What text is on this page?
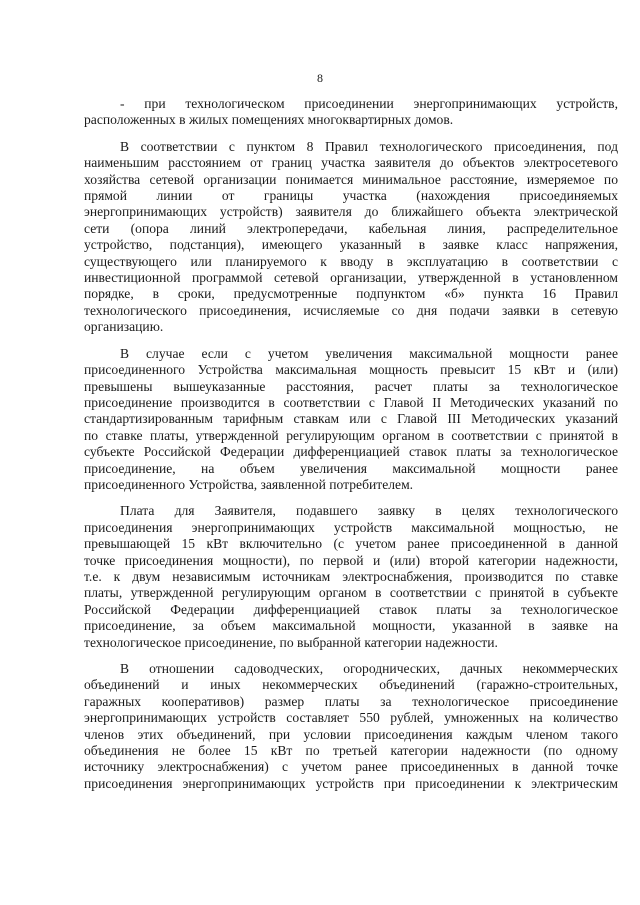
8
- при технологическом присоединении энергопринимающих устройств,
расположенных в жилых помещениях многоквартирных домов.
В соответствии с пунктом 8 Правил технологического присоединения, под
наименьшим расстоянием от границ участка заявителя до объектов электросетевого
хозяйства сетевой организации понимается минимальное расстояние, измеряемое по
прямой линии от границы участка (нахождения присоединяемых
энергопринимающих устройств) заявителя до ближайшего объекта электрической
сети (опора линий электропередачи, кабельная линия, распределительное
устройство, подстанция), имеющего указанный в заявке класс напряжения,
существующего или планируемого к вводу в эксплуатацию в соответствии с
инвестиционной программой сетевой организации, утвержденной в установленном
порядке, в сроки, предусмотренные подпунктом «б» пункта 16 Правил
технологического присоединения, исчисляемые со дня подачи заявки в сетевую
организацию.
В случае если с учетом увеличения максимальной мощности ранее
присоединенного Устройства максимальная мощность превысит 15 кВт и (или)
превышены вышеуказанные расстояния, расчет платы за технологическое
присоединение производится в соответствии с Главой II Методических указаний по
стандартизированным тарифным ставкам или с Главой III Методических указаний
по ставке платы, утвержденной регулирующим органом в соответствии с принятой в
субъекте Российской Федерации дифференциацией ставок платы за технологическое
присоединение, на объем увеличения максимальной мощности ранее
присоединенного Устройства, заявленной потребителем.
Плата для Заявителя, подавшего заявку в целях технологического
присоединения энергопринимающих устройств максимальной мощностью, не
превышающей 15 кВт включительно (с учетом ранее присоединенной в данной
точке присоединения мощности), по первой и (или) второй категории надежности,
т.е. к двум независимым источникам электроснабжения, производится по ставке
платы, утвержденной регулирующим органом в соответствии с принятой в субъекте
Российской Федерации дифференциацией ставок платы за технологическое
присоединение, за объем максимальной мощности, указанной в заявке на
технологическое присоединение, по выбранной категории надежности.
В отношении садоводческих, огороднических, дачных некоммерческих
объединений и иных некоммерческих объединений (гаражно-строительных,
гаражных кооперативов) размер платы за технологическое присоединение
энергопринимающих устройств составляет 550 рублей, умноженных на количество
членов этих объединений, при условии присоединения каждым членом такого
объединения не более 15 кВт по третьей категории надежности (по одному
источнику электроснабжения) с учетом ранее присоединенных в данной точке
присоединения энергопринимающих устройств при присоединении к электрическим
